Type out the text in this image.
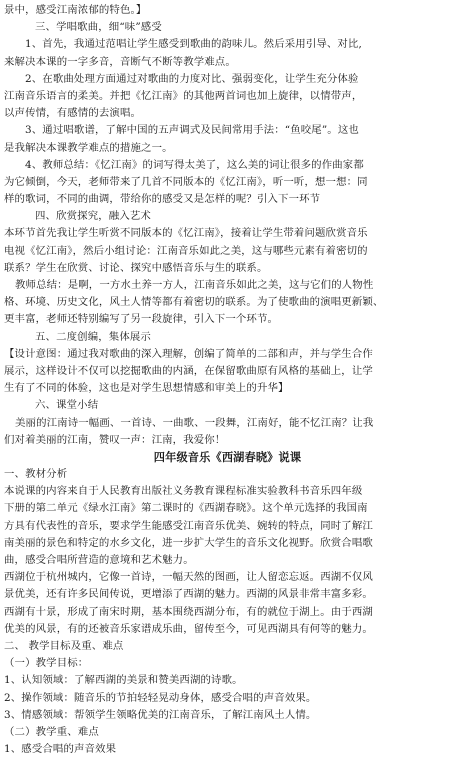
景中，感受江南浓郁的特色。】
三、学唱歌曲，细“味”感受
1、首先，我通过范唱让学生感受到歌曲的韵味儿。然后采用引导、对比,
来解决本课的一字多音，音断气不断等教学难点。
2、在歌曲处理方面通过对歌曲的力度对比、强弱变化，让学生充分体验
江南音乐语言的柔美。并把《忆江南》的其他两首词也加上旋律，以情带声，
以声传情，有感情的去演唱。
3、通过唱歌谱，了解中国的五声调式及民间常用手法：“鱼咬尾”。这也
是我解决本课教学难点的措施之一。
4、教师总结：《忆江南》的词写得太美了，这么美的词让很多的作曲家都
为它倾倒，今天，老师带来了几首不同版本的《忆江南》，听一听，想一想：同
样的歌词，不同的曲调，带给你的感受又是怎样的呢？引入下一环节
四、欣赏探究，融入艺术
本环节首先我让学生听赏不同版本的《忆江南》，接着让学生带着问题欣赏音乐
电视《忆江南》，然后小组讨论：江南音乐如此之美，这与哪些元素有着密切的
联系？学生在欣赏、讨论、探究中感悟音乐与生的联系。
教师总结：是啊，一方水土养一方人，江南音乐如此之美，这与它们的人物性
格、环境、历史文化，风土人情等都有着密切的联系。为了使歌曲的演唱更新颖、
更丰富，老师还特别编写了另一段旋律，引入下一个环节。
五、二度创编，集体展示
【设计意图：通过我对歌曲的深入理解，创编了简单的二部和声，并与学生合作
展示，这样设计不仅可以挖掘歌曲的内涵，在保留歌曲原有风格的基础上，让学
生有了不同的体验，这也是对学生思想情感和审美上的升华】
六、课堂小结
美丽的江南诗一幅画、一首诗、一曲歌、一段舞，江南好，能不忆江南？让我
们对着美丽的江南，赞叹一声：江南，我爱你！
四年级音乐《西湖春晓》说课
一、教材分析
本说课的内容来自于人民教育出版社义务教育课程标准实验教科书音乐四年级
下册的第二单元《绿水江南》第二课时的《西湖春晓》。这个单元选择的我国南
方具有代表性的音乐，要求学生能感受江南音乐优美、婉转的特点，同时了解江
南美丽的景色和特定的水乡文化，进一步扩大学生的音乐文化视野。欣赏合唱歌
曲，感受合唱所营造的意境和艺术魅力。
西湖位于杭州城内，它像一首诗，一幅天然的图画，让人留恋忘返。西湖不仅风
景优美，还有许多民间传说，更增添了西湖的魅力。西湖的风景非常丰富多彩。
西湖有十景，形成了南宋时期，基本围绕西湖分布，有的就位于湖上。由于西湖
优美的风景，有的还被音乐家谱成乐曲，留传至今，可见西湖具有何等的魅力。
二、 教学目标及重、难点
（一）教学目标：
1、认知领域：了解西湖的美景和赞美西湖的诗歌。
2、操作领域：随音乐的节拍轻轻晃动身体，感受合唱的声音效果。
3、情感领域：帮领学生领略优美的江南音乐，了解江南风土人情。
（二）教学重、难点
1、感受合唱的声音效果
